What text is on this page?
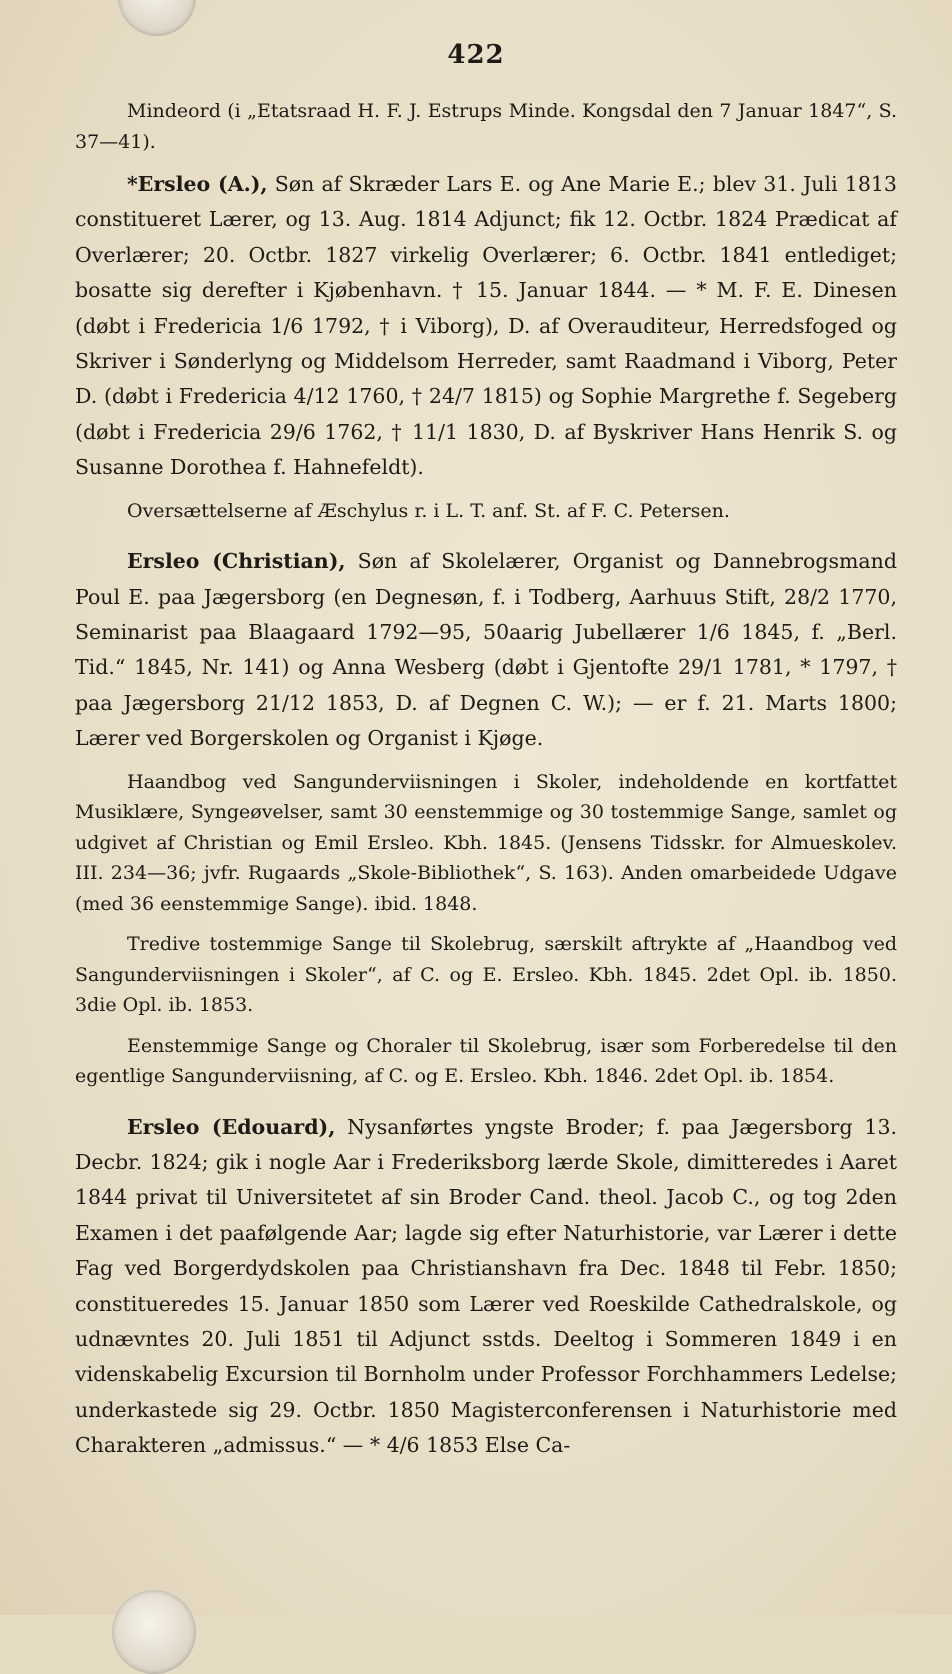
422

Mindeord (i „Etatsraad H. F. J. Estrups Minde. Kongsdal den 7 Januar 1847“, S. 37—41).

*Ersleo (A.), Søn af Skræder Lars E. og Ane Marie E.; blev 31. Juli 1813 constitueret Lærer, og 13. Aug. 1814 Adjunct; fik 12. Octbr. 1824 Prædicat af Overlærer; 20. Octbr. 1827 virkelig Overlærer; 6. Octbr. 1841 entlediget; bosatte sig derefter i Kjøbenhavn. † 15. Januar 1844. — * M. F. E. Dinesen (døbt i Fredericia 1/6 1792, † i Viborg), D. af Overauditeur, Herredsfoged og Skriver i Sønderlyng og Middelsom Herreder, samt Raadmand i Viborg, Peter D. (døbt i Fredericia 4/12 1760, † 24/7 1815) og Sophie Margrethe f. Segeberg (døbt i Fredericia 29/6 1762, † 11/1 1830, D. af Byskriver Hans Henrik S. og Susanne Dorothea f. Hahnefeldt).

Oversættelserne af Æschylus r. i L. T. anf. St. af F. C. Petersen.

Ersleo (Christian), Søn af Skolelærer, Organist og Dannebrogsmand Poul E. paa Jægersborg (en Degnesøn, f. i Todberg, Aarhuus Stift, 28/2 1770, Seminarist paa Blaagaard 1792—95, 50aarig Jubellærer 1/6 1845, f. „Berl. Tid.“ 1845, Nr. 141) og Anna Wesberg (døbt i Gjentofte 29/1 1781, * 1797, † paa Jægersborg 21/12 1853, D. af Degnen C. W.); — er f. 21. Marts 1800; Lærer ved Borgerskolen og Organist i Kjøge.

Haandbog ved Sangunderviisningen i Skoler, indeholdende en kortfattet Musiklære, Syngeøvelser, samt 30 eenstemmige og 30 tostemmige Sange, samlet og udgivet af Christian og Emil Ersleo. Kbh. 1845. (Jensens Tidsskr. for Almueskolev. III. 234—36; jvfr. Rugaards „Skole-Bibliothek“, S. 163). Anden omarbeidede Udgave (med 36 eenstemmige Sange). ibid. 1848.

Tredive tostemmige Sange til Skolebrug, særskilt aftrykte af „Haandbog ved Sangunderviisningen i Skoler“, af C. og E. Ersleo. Kbh. 1845. 2det Opl. ib. 1850. 3die Opl. ib. 1853.

Eenstemmige Sange og Choraler til Skolebrug, især som Forberedelse til den egentlige Sangunderviisning, af C. og E. Ersleo. Kbh. 1846. 2det Opl. ib. 1854.

Ersleo (Edouard), Nysanførtes yngste Broder; f. paa Jægersborg 13. Decbr. 1824; gik i nogle Aar i Frederiksborg lærde Skole, dimitteredes i Aaret 1844 privat til Universitetet af sin Broder Cand. theol. Jacob C., og tog 2den Examen i det paafølgende Aar; lagde sig efter Naturhistorie, var Lærer i dette Fag ved Borgerdydskolen paa Christianshavn fra Dec. 1848 til Febr. 1850; constitueredes 15. Januar 1850 som Lærer ved Roeskilde Cathedralskole, og udnævntes 20. Juli 1851 til Adjunct sstds. Deeltog i Sommeren 1849 i en videnskabelig Excursion til Bornholm under Professor Forchhammers Ledelse; underkastede sig 29. Octbr. 1850 Magisterconferensen i Naturhistorie med Charakteren „admissus.“ — * 4/6 1853 Else Ca-
